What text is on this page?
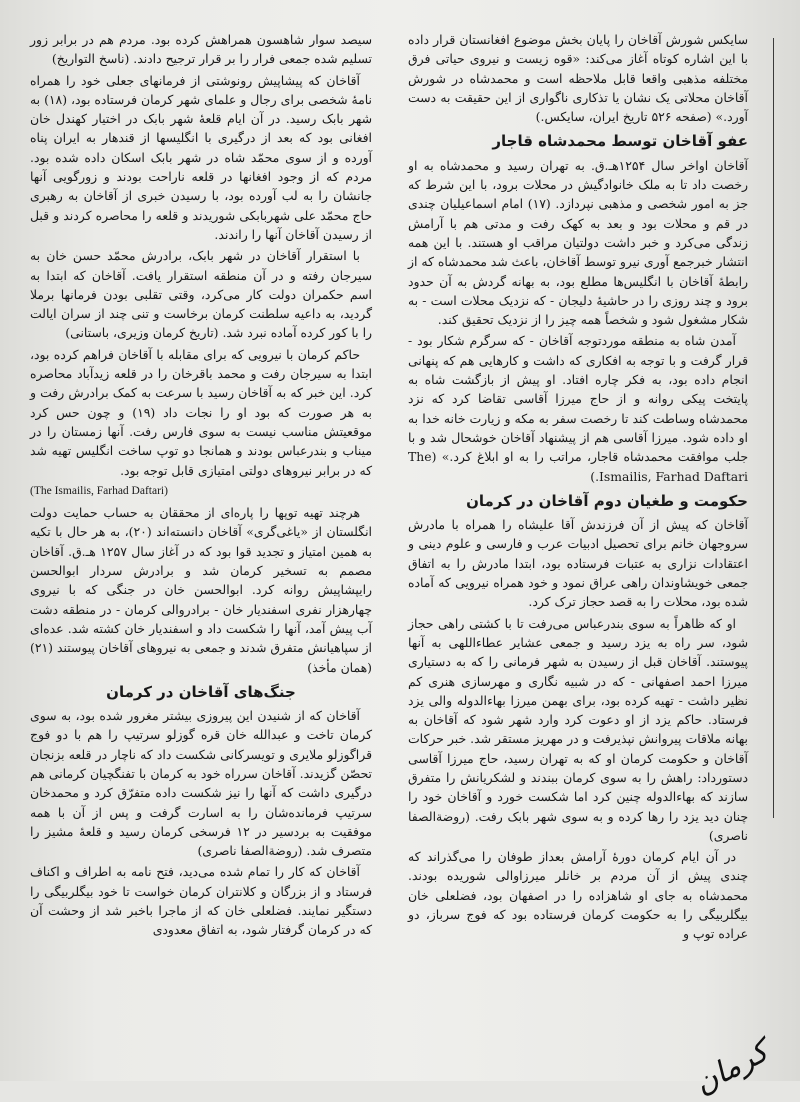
سایکس شورش آقاخان را پایان بخش موضوع افغانستان قرار داده با این اشاره کوتاه آغاز می‌کند: «قوه زیست و نیروی حیاتی فرق مختلفه مذهبی واقعا قابل ملاحظه است و محمدشاه در شورش آقاخان محلاتی یک نشان یا تذکاری ناگواری از این حقیقت به دست آورد.» (صفحه ۵۲۶ تاریخ ایران، سایکس.)

عفو آقاخان توسط محمدشاه قاجار

آقاخان اواخر سال ۱۲۵۴هـ.ق. به تهران رسید و محمدشاه به او رخصت داد تا به ملک خانوادگیش در محلات برود، با این شرط که جز به امور شخصی و مذهبی نپردازد. (۱۷) امام اسماعیلیان چندی در قم و محلات بود و بعد به کهک رفت و مدتی هم با آرامش زندگی می‌کرد و خبر داشت دولتیان مراقب او هستند. با این همه انتشار خبرجمع آوری نیرو توسط آقاخان، باعث شد محمدشاه که از رابطهٔ آقاخان با انگلیس‌ها مطلع بود، به بهانه گردش به آن حدود برود و چند روزی را در حاشیهٔ دلیجان - که نزدیک محلات است - به شکار مشغول شود و شخصاً همه چیز را از نزدیک تحقیق کند.

آمدن شاه به منطقه موردتوجه آقاخان - که سرگرم شکار بود - قرار گرفت و با توجه به افکاری که داشت و کارهایی هم که پنهانی انجام داده بود، به فکر چاره افتاد. او پیش از بازگشت شاه به پایتخت پیکی روانه و از حاج میرزا آقاسی تقاضا کرد که نزد محمدشاه وساطت کند تا رخصت سفر به مکه و زیارت خانه خدا به او داده شود. میرزا آقاسی هم از پیشنهاد آقاخان خوشحال شد و با جلب موافقت محمدشاه قاجار، مراتب را به او ابلاغ کرد.» (The Ismailis, Farhad Daftari.)

حکومت و طغیان دوم آقاخان در کرمان

آقاخان که پیش از آن فرزندش آقا علیشاه را همراه با مادرش سروجهان خانم برای تحصیل ادبیات عرب و فارسی و علوم دینی و اعتقادات نزاری به عتبات فرستاده بود، ابتدا مادرش را به اتفاق جمعی خویشاوندان راهی عراق نمود و خود همراه نیرویی که آماده شده بود، محلات را به قصد حجاز ترک کرد.

او که ظاهراً به سوی بندرعباس می‌رفت تا با کشتی راهی حجاز شود، سر راه به یزد رسید و جمعی عشایر عطاءاللهی به آنها پیوستند. آقاخان قبل از رسیدن به شهر فرمانی را که به دستیاری میرزا احمد اصفهانی - که در شبیه نگاری و مهرسازی هنری کم نظیر داشت - تهیه کرده بود، برای بهمن میرزا بهاءالدوله والی یزد فرستاد. حاکم یزد از او دعوت کرد وارد شهر شود که آقاخان به بهانه ملاقات پیروانش نپذیرفت و در مهریز مستقر شد. خبر حرکات آقاخان و حکومت کرمان او که به تهران رسید، حاج میرزا آقاسی دستورداد: راهش را به سوی کرمان ببندند و لشکریانش را متفرق سازند که بهاءالدوله چنین کرد اما شکست خورد و آقاخان خود را چنان دید یزد را رها کرده و به سوی شهر بابک رفت. (روضة‌الصفا ناصری)

در آن ایام کرمان دورهٔ آرامش بعداز طوفان را می‌گذراند که چندی پیش از آن مردم بر خانلر میرزاوالی شوریده بودند. محمدشاه به جای او شاهزاده را در اصفهان بود، فضلعلی خان بیگلربیگی را به حکومت کرمان فرستاده بود که فوج سرباز، دو عراده توپ و

سیصد سوار شاهسون همراهش کرده بود. مردم هم در برابر زور تسلیم شده جمعی فرار را بر قرار ترجیح دادند. (ناسخ التواریخ)

آقاخان که پیشاپیش رونوشتی از فرمانهای جعلی خود را همراه نامهٔ شخصی برای رجال و علمای شهر کرمان فرستاده بود، (۱۸) به شهر بابک رسید. در آن ایام قلعهٔ شهر بابک در اختیار کهندل خان افغانی بود که بعد از درگیری با انگلیسها از قندهار به ایران پناه آورده و از سوی محمّد شاه در شهر بابک اسکان داده شده بود. مردم که از وجود افغانها در قلعه ناراحت بودند و زورگویی آنها جانشان را به لب آورده بود، با رسیدن خبری از آقاخان به رهبری حاج محمّد علی شهربابکی شوریدند و قلعه را محاصره کردند و قبل از رسیدن آقاخان آنها را راندند.

با استقرار آقاخان در شهر بابک، برادرش محمّد حسن خان به سیرجان رفته و در آن منطقه استقرار یافت. آقاخان که ابتدا به اسم حکمران دولت کار می‌کرد، وقتی تقلبی بودن فرمانها برملا گردید، به داعیه سلطنت کرمان برخاست و تنی چند از سران ایالت را با کور کرده آماده نبرد شد. (تاریخ کرمان وزیری، باستانی)

حاکم کرمان با نیرویی که برای مقابله با آقاخان فراهم کرده بود، ابتدا به سیرجان رفت و محمد باقرخان را در قلعه زیدآباد محاصره کرد. این خبر که به آقاخان رسید با سرعت به کمک برادرش رفت و به هر صورت که بود او را نجات داد (۱۹) و چون حس کرد موقعیتش مناسب نیست به سوی فارس رفت. آنها زمستان را در میناب و بندرعباس بودند و همانجا دو توپ ساخت انگلیس تهیه شد که در برابر نیروهای دولتی امتیازی قابل توجه بود.

(The Ismailis, Farhad Daftari)

هرچند تهیه توپها را پاره‌ای از محققان به حساب حمایت دولت انگلستان از «یاغی‌گری» آقاخان دانسته‌اند (۲۰)، به هر حال با تکیه به همین امتیاز و تجدید قوا بود که در آغاز سال ۱۲۵۷ هـ.ق. آقاخان مصمم به تسخیر کرمان شد و برادرش سردار ابوالحسن رایپشاپیش روانه کرد. ابوالحسن خان در جنگی که با نیروی چهارهزار نفری اسفندیار خان - برادروالی کرمان - در منطقه دشت آب پیش آمد، آنها را شکست داد و اسفندیار خان کشته شد. عده‌ای از سپاهیانش متفرق شدند و جمعی به نیروهای آقاخان پیوستند (۲۱) (همان مأخذ)

جنگ‌های آقاخان در کرمان

آقاخان که از شنیدن این پیروزی بیشتر مغرور شده بود، به سوی کرمان تاخت و عبدالله خان قره گوزلو سرتیپ را هم با دو فوج قراگوزلو ملایری و تویسرکانی شکست داد که ناچار در قلعه بزنجان تحصّن گزیدند. آقاخان سرراه خود به کرمان با تفنگچیان کرمانی هم درگیری داشت که آنها را نیز شکست داده متفرّق کرد و محمدخان سرتیپ فرمانده‌شان را به اسارت گرفت و پس از آن با همه موفقیت به بردسیر در ۱۲ فرسخی کرمان رسید و قلعهٔ مشیز را متصرف شد. (روضة‌الصفا ناصری)

آقاخان که کار را تمام شده می‌دید، فتح نامه به اطراف و اکناف فرستاد و از بزرگان و کلانتران کرمان خواست تا خود بیگلربیگی را دستگیر نمایند. فضلعلی خان که از ماجرا باخبر شد از وحشت آن که در کرمان گرفتار شود، به اتفاق معدودی

کرمان
